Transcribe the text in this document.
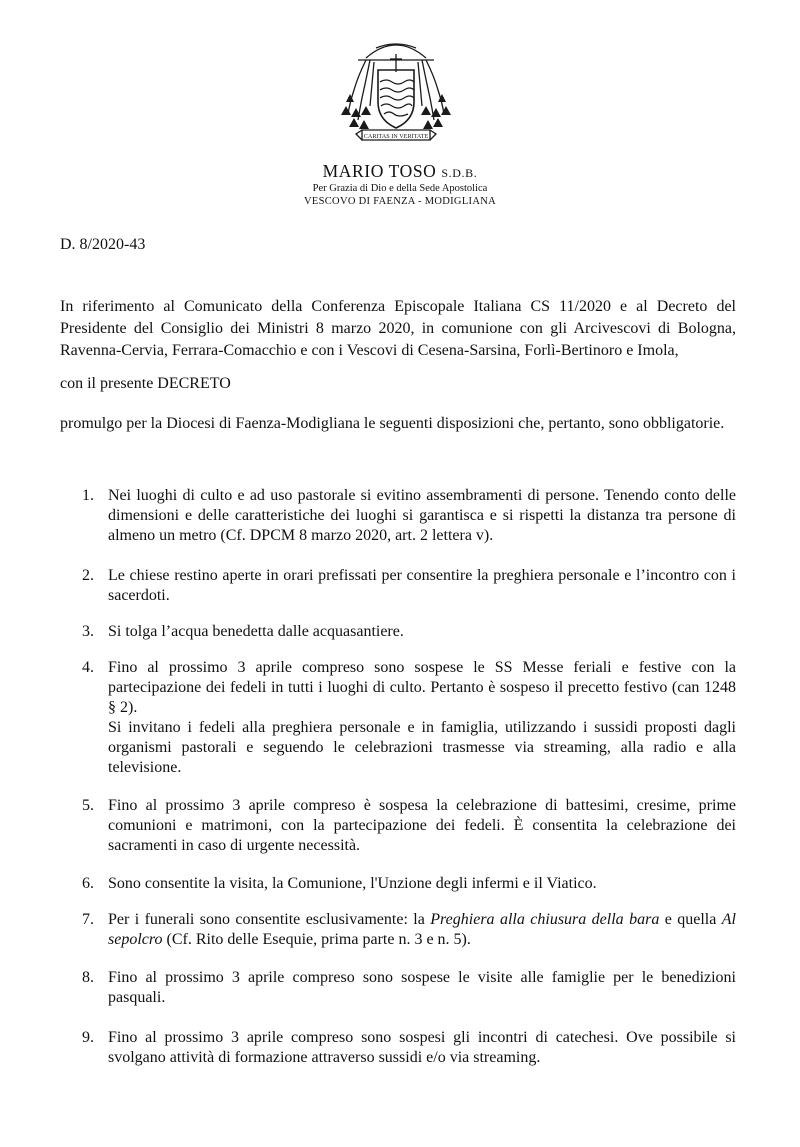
CARITAS IN VERITATE
MARIO TOSO S.D.B.
Per Grazia di Dio e della Sede Apostolica
VESCOVO DI FAENZA - MODIGLIANA
D. 8/2020-43
In riferimento al Comunicato della Conferenza Episcopale Italiana CS 11/2020 e al Decreto del Presidente del Consiglio dei Ministri 8 marzo 2020, in comunione con gli Arcivescovi di Bologna, Ravenna-Cervia, Ferrara-Comacchio e con i Vescovi di Cesena-Sarsina, Forlì-Bertinoro e Imola,
con il presente DECRETO
promulgo per la Diocesi di Faenza-Modigliana le seguenti disposizioni che, pertanto, sono obbligatorie.
1. Nei luoghi di culto e ad uso pastorale si evitino assembramenti di persone. Tenendo conto delle dimensioni e delle caratteristiche dei luoghi si garantisca e si rispetti la distanza tra persone di almeno un metro (Cf. DPCM 8 marzo 2020, art. 2 lettera v).
2. Le chiese restino aperte in orari prefissati per consentire la preghiera personale e l’incontro con i sacerdoti.
3. Si tolga l’acqua benedetta dalle acquasantiere.
4. Fino al prossimo 3 aprile compreso sono sospese le SS Messe feriali e festive con la partecipazione dei fedeli in tutti i luoghi di culto. Pertanto è sospeso il precetto festivo (can 1248 § 2).
Si invitano i fedeli alla preghiera personale e in famiglia, utilizzando i sussidi proposti dagli organismi pastorali e seguendo le celebrazioni trasmesse via streaming, alla radio e alla televisione.
5. Fino al prossimo 3 aprile compreso è sospesa la celebrazione di battesimi, cresime, prime comunioni e matrimoni, con la partecipazione dei fedeli. È consentita la celebrazione dei sacramenti in caso di urgente necessità.
6. Sono consentite la visita, la Comunione, l'Unzione degli infermi e il Viatico.
7. Per i funerali sono consentite esclusivamente: la Preghiera alla chiusura della bara e quella Al sepolcro (Cf. Rito delle Esequie, prima parte n. 3 e n. 5).
8. Fino al prossimo 3 aprile compreso sono sospese le visite alle famiglie per le benedizioni pasquali.
9. Fino al prossimo 3 aprile compreso sono sospesi gli incontri di catechesi. Ove possibile si svolgano attività di formazione attraverso sussidi e/o via streaming.
